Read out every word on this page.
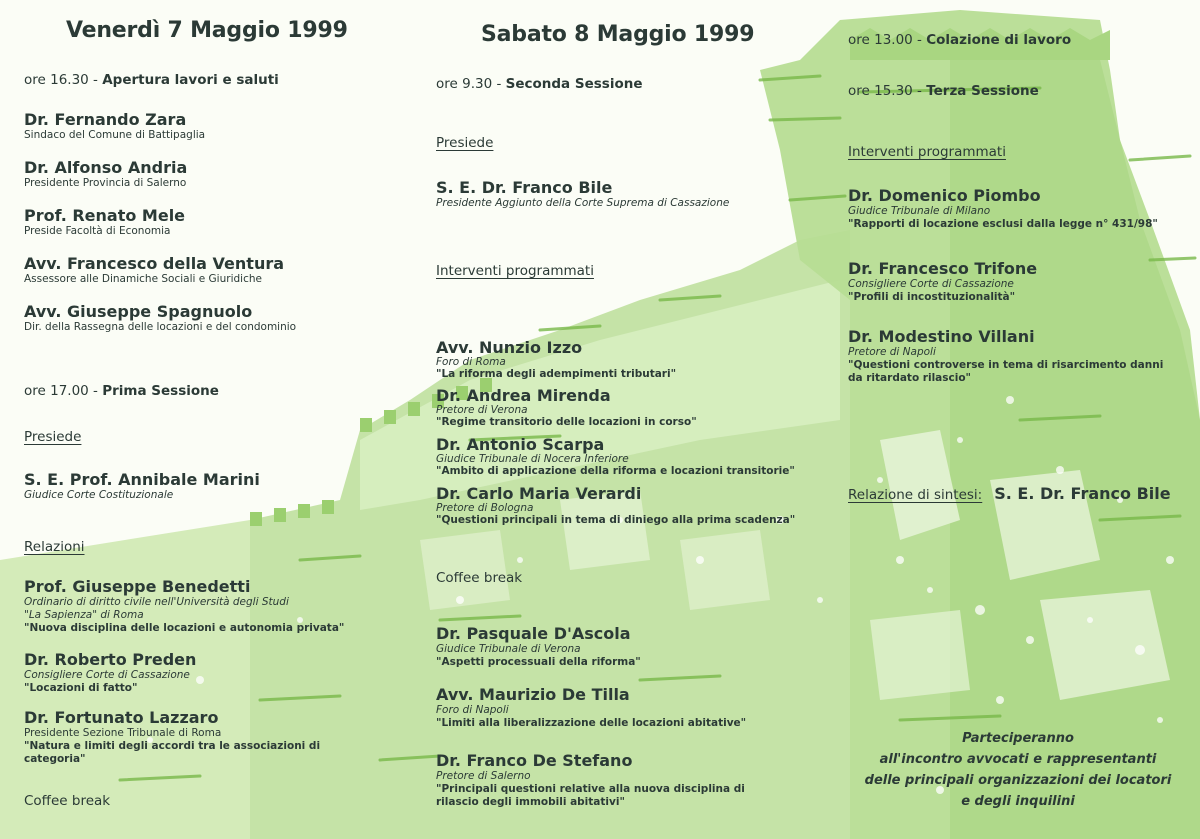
Venerdì 7 Maggio 1999
ore 16.30 - Apertura lavori e saluti
Dr. Fernando Zara
Sindaco del Comune di Battipaglia
Dr. Alfonso Andria
Presidente Provincia di Salerno
Prof. Renato Mele
Preside Facoltà di Economia
Avv. Francesco della Ventura
Assessore alle Dinamiche Sociali e Giuridiche
Avv. Giuseppe Spagnuolo
Dir. della Rassegna delle locazioni e del condominio
ore 17.00 - Prima Sessione
Presiede
S. E. Prof. Annibale Marini
Giudice Corte Costituzionale
Relazioni
Prof. Giuseppe Benedetti
Ordinario di diritto civile nell'Università degli Studi
"La Sapienza" di Roma
"Nuova disciplina delle locazioni e autonomia privata"
Dr. Roberto Preden
Consigliere Corte di Cassazione
"Locazioni di fatto"
Dr. Fortunato Lazzaro
Presidente Sezione Tribunale di Roma
"Natura e limiti degli accordi tra le associazioni di categoria"
Coffee break
Sabato 8 Maggio 1999
ore 9.30 - Seconda Sessione
Presiede
S. E. Dr. Franco Bile
Presidente Aggiunto della Corte Suprema di Cassazione
Interventi programmati
Avv. Nunzio Izzo
Foro di Roma
"La riforma degli adempimenti tributari"
Dr. Andrea Mirenda
Pretore di Verona
"Regime transitorio delle locazioni in corso"
Dr. Antonio Scarpa
Giudice Tribunale di Nocera Inferiore
"Ambito di applicazione della riforma e locazioni transitorie"
Dr. Carlo Maria Verardi
Pretore di Bologna
"Questioni principali in tema di diniego alla prima scadenza"
Coffee break
Dr. Pasquale D'Ascola
Giudice Tribunale di Verona
"Aspetti processuali della riforma"
Avv. Maurizio De Tilla
Foro di Napoli
"Limiti alla liberalizzazione delle locazioni abitative"
Dr. Franco De Stefano
Pretore di Salerno
"Principali questioni relative alla nuova disciplina di rilascio degli immobili abitativi"
ore 13.00 - Colazione di lavoro
ore 15.30 - Terza Sessione
Interventi programmati
Dr. Domenico Piombo
Giudice Tribunale di Milano
"Rapporti di locazione esclusi dalla legge n° 431/98"
Dr. Francesco Trifone
Consigliere Corte di Cassazione
"Profili di incostituzionalità"
Dr. Modestino Villani
Pretore di Napoli
"Questioni controverse in tema di risarcimento danni da ritardato rilascio"
Relazione di sintesi: S. E. Dr. Franco Bile
Parteciperanno
all'incontro avvocati e rappresentanti
delle principali organizzazioni dei locatori
e degli inquilini
